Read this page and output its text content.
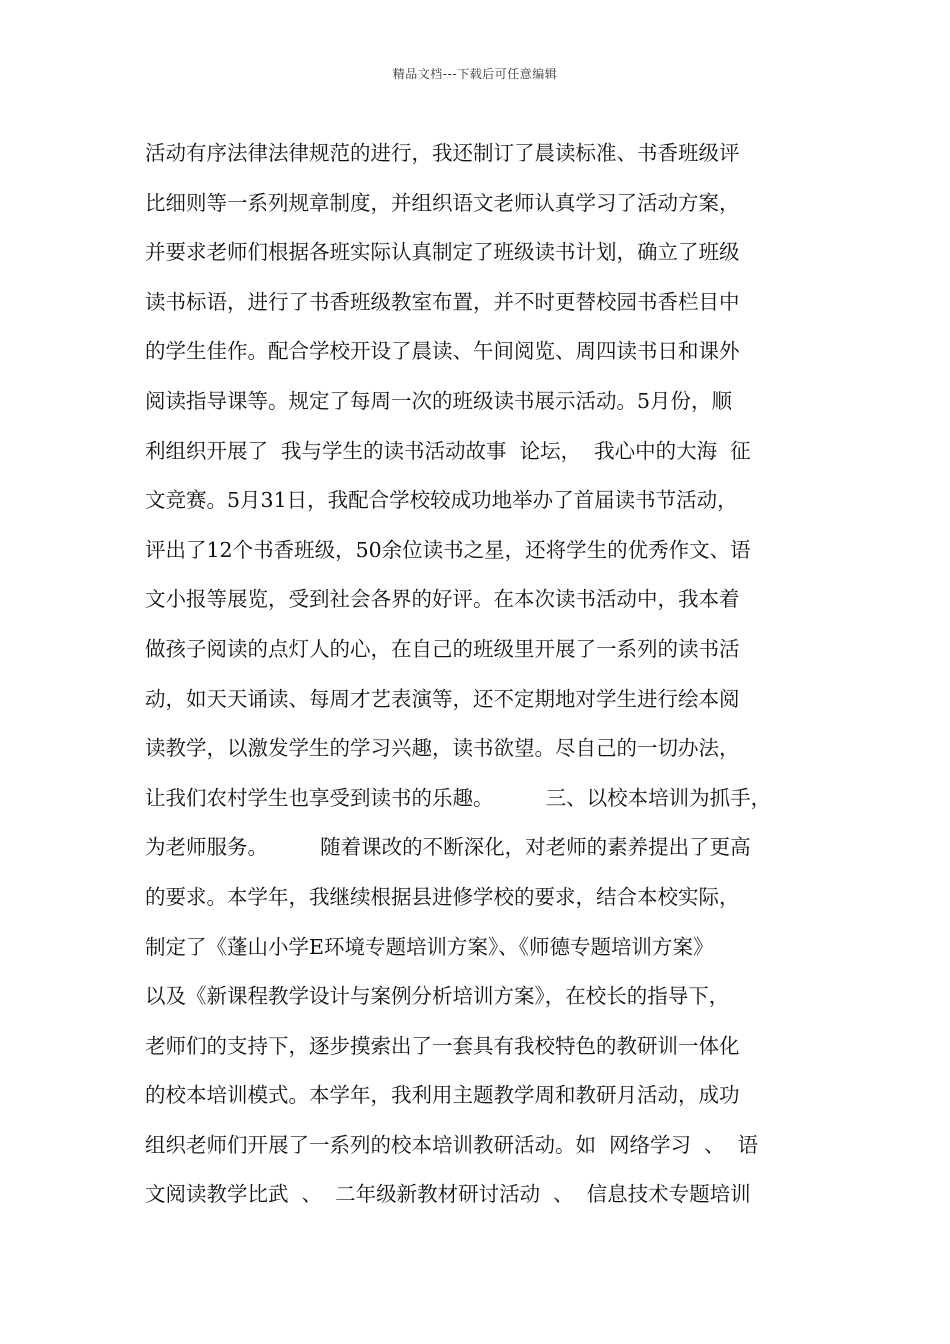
精品文档---下载后可任意编辑
活动有序法律法律规范的进行，我还制订了晨读标准、书香班级评
比细则等一系列规章制度，并组织语文老师认真学习了活动方案，
并要求老师们根据各班实际认真制定了班级读书计划，确立了班级
读书标语，进行了书香班级教室布置，并不时更替校园书香栏目中
的学生佳作。配合学校开设了晨读、午间阅览、周四读书日和课外
阅读指导课等。规定了每周一次的班级读书展示活动。5月份，顺
利组织开展了  我与学生的读书活动故事  论坛，  我心中的大海  征
文竞赛。5月31日，我配合学校较成功地举办了首届读书节活动，
评出了12个书香班级，50余位读书之星，还将学生的优秀作文、语
文小报等展览，受到社会各界的好评。在本次读书活动中，我本着
做孩子阅读的点灯人的心，在自己的班级里开展了一系列的读书活
动，如天天诵读、每周才艺表演等，还不定期地对学生进行绘本阅
读教学，以激发学生的学习兴趣，读书欲望。尽自己的一切办法，
让我们农村学生也享受到读书的乐趣。        三、以校本培训为抓手，
为老师服务。        随着课改的不断深化，对老师的素养提出了更高
的要求。本学年，我继续根据县进修学校的要求，结合本校实际，
制定了《蓬山小学E环境专题培训方案》、《师德专题培训方案》
以及《新课程教学设计与案例分析培训方案》，在校长的指导下，
老师们的支持下，逐步摸索出了一套具有我校特色的教研训一体化
的校本培训模式。本学年，我利用主题教学周和教研月活动，成功
组织老师们开展了一系列的校本培训教研活动。如  网络学习  、  语
文阅读教学比武  、  二年级新教材研讨活动  、  信息技术专题培训
